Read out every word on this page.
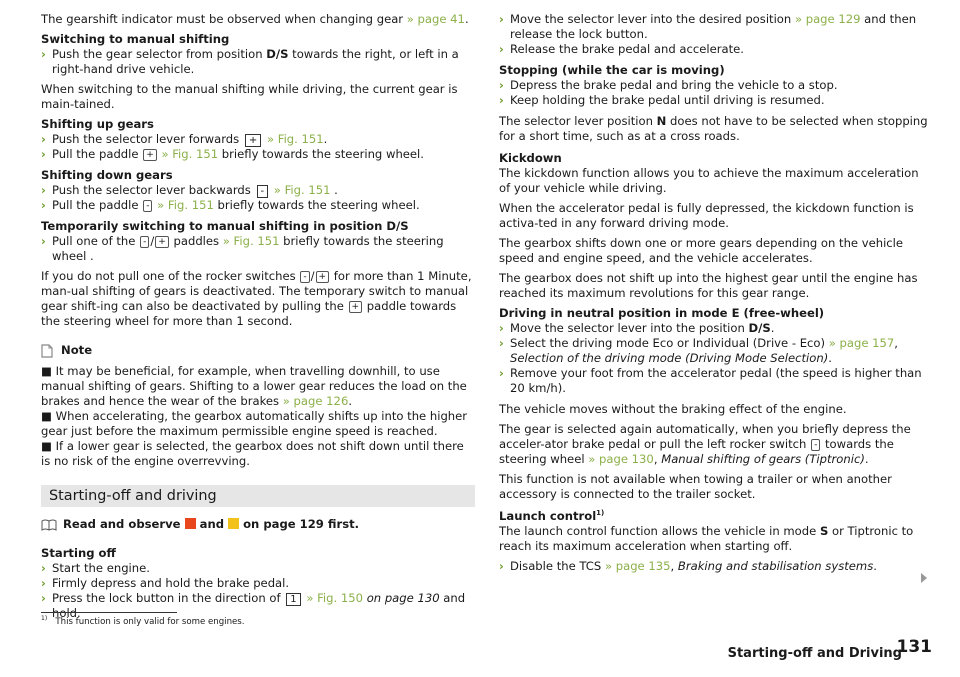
The gearshift indicator must be observed when changing gear » page 41.

Switching to manual shifting

› Push the gear selector from position D/S towards the right, or left in a right-hand drive vehicle.

When switching to the manual shifting while driving, the current gear is main-tained.

Shifting up gears

› Push the selector lever forwards + » Fig. 151.

› Pull the paddle + » Fig. 151 briefly towards the steering wheel.

Shifting down gears

› Push the selector lever backwards - » Fig. 151 .

› Pull the paddle - » Fig. 151 briefly towards the steering wheel.

Temporarily switching to manual shifting in position D/S

› Pull one of the - / + paddles » Fig. 151 briefly towards the steering wheel .

If you do not pull one of the rocker switches - / + for more than 1 Minute, man-ual shifting of gears is deactivated. The temporary switch to manual gear shift-ing can also be deactivated by pulling the + paddle towards the steering wheel for more than 1 second.

Note

■ It may be beneficial, for example, when travelling downhill, to use manual shifting of gears. Shifting to a lower gear reduces the load on the brakes and hence the wear of the brakes » page 126.

■ When accelerating, the gearbox automatically shifts up into the higher gear just before the maximum permissible engine speed is reached.

■ If a lower gear is selected, the gearbox does not shift down until there is no risk of the engine overrevving.

Starting-off and driving
Read and observe  and  on page 129 first.

Starting off

› Start the engine.

› Firmly depress and hold the brake pedal.

› Press the lock button in the direction of 1 » Fig. 150 on page 130 and hold.

› Move the selector lever into the desired position » page 129 and then release the lock button.

› Release the brake pedal and accelerate.

Stopping (while the car is moving)

› Depress the brake pedal and bring the vehicle to a stop.

› Keep holding the brake pedal until driving is resumed.

The selector lever position N does not have to be selected when stopping for a short time, such as at a cross roads.

Kickdown

The kickdown function allows you to achieve the maximum acceleration of your vehicle while driving.

When the accelerator pedal is fully depressed, the kickdown function is activa-ted in any forward driving mode.

The gearbox shifts down one or more gears depending on the vehicle speed and engine speed, and the vehicle accelerates.

The gearbox does not shift up into the highest gear until the engine has reached its maximum revolutions for this gear range.

Driving in neutral position in mode E (free-wheel)

› Move the selector lever into the position D/S.

› Select the driving mode Eco or Individual (Drive - Eco) » page 157, Selection of the driving mode (Driving Mode Selection).

› Remove your foot from the accelerator pedal (the speed is higher than 20 km/h).

The vehicle moves without the braking effect of the engine.

The gear is selected again automatically, when you briefly depress the acceler-ator brake pedal or pull the left rocker switch - towards the steering wheel » page 130, Manual shifting of gears (Tiptronic).

This function is not available when towing a trailer or when another accessory is connected to the trailer socket.

Launch control$^{1)}$

The launch control function allows the vehicle in mode S or Tiptronic to reach its maximum acceleration when starting off.

› Disable the TCS » page 135, Braking and stabilisation systems.

$^{1)}$ This function is only valid for some engines.
Starting-off and Driving
131
